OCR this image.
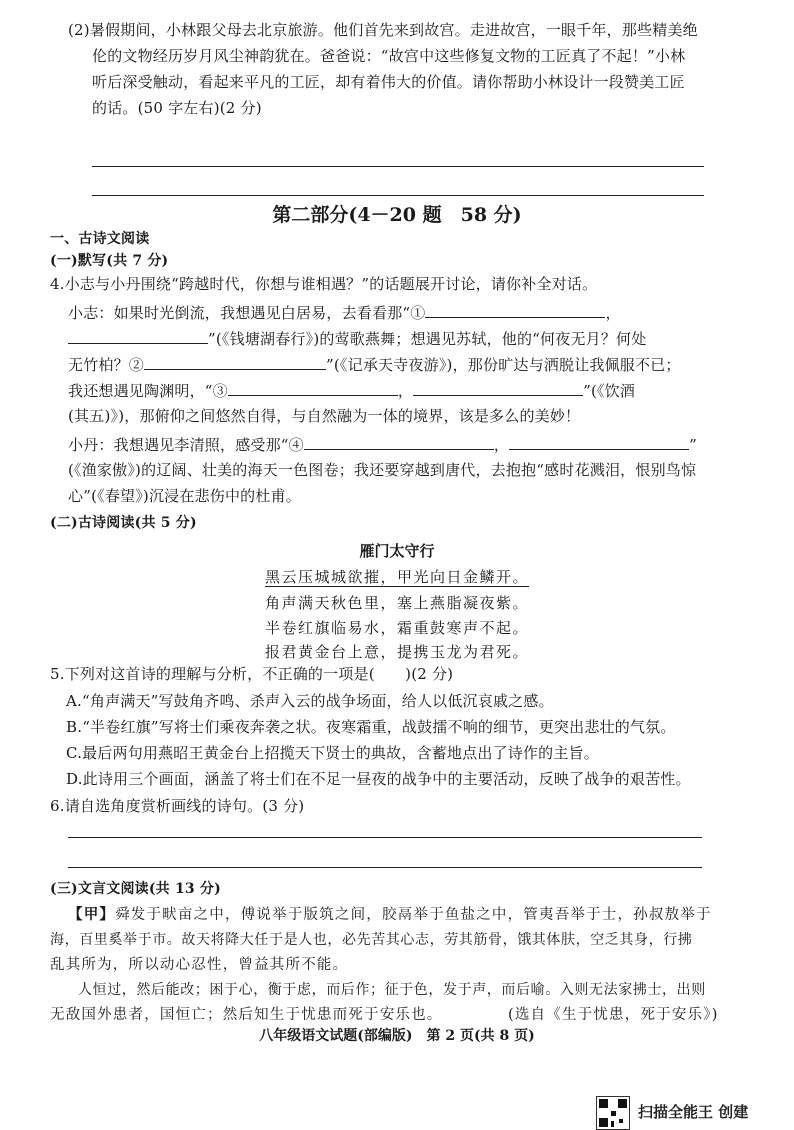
(2)暑假期间，小林跟父母去北京旅游。他们首先来到故宫。走进故宫，一眼千年，那些精美绝
伦的文物经历岁月风尘神韵犹在。爸爸说：“故宫中这些修复文物的工匠真了不起！”小林
听后深受触动，看起来平凡的工匠，却有着伟大的价值。请你帮助小林设计一段赞美工匠
的话。(50 字左右)(2 分)
第二部分(4－20 题　58 分)
一、古诗文阅读
(一)默写(共 7 分)
4.小志与小丹围绕“跨越时代，你想与谁相遇？”的话题展开讨论，请你补全对话。
小志：如果时光倒流，我想遇见白居易，去看看那“①	，
”(《钱塘湖春行》)的莺歌燕舞；想遇见苏轼，他的“何夜无月？何处
无竹柏？②	”(《记承天寺夜游》)，那份旷达与洒脱让我佩服不已；
我还想遇见陶渊明，“③	，	”(《饮酒
(其五)》)，那俯仰之间悠然自得，与自然融为一体的境界，该是多么的美妙！
小丹：我想遇见李清照，感受那“④	，	”
(《渔家傲》)的辽阔、壮美的海天一色图卷；我还要穿越到唐代，去抱抱“感时花溅泪，恨别鸟惊
心”(《春望》)沉浸在悲伤中的杜甫。
(二)古诗阅读(共 5 分)
雁门太守行
黑云压城城欲摧，甲光向日金鳞开。
角声满天秋色里，塞上燕脂凝夜紫。
半卷红旗临易水，霜重鼓寒声不起。
报君黄金台上意，提携玉龙为君死。
5.下列对这首诗的理解与分析，不正确的一项是(　　)(2 分)
A.“角声满天”写鼓角齐鸣、杀声入云的战争场面，给人以低沉哀戚之感。
B.“半卷红旗”写将士们乘夜奔袭之状。夜寒霜重，战鼓擂不响的细节，更突出悲壮的气氛。
C.最后两句用燕昭王黄金台上招揽天下贤士的典故，含蓄地点出了诗作的主旨。
D.此诗用三个画面，涵盖了将士们在不足一昼夜的战争中的主要活动，反映了战争的艰苦性。
6.请自选角度赏析画线的诗句。(3 分)
(三)文言文阅读(共 13 分)
【甲】舜发于畎亩之中，傅说举于版筑之间，胶鬲举于鱼盐之中，管夷吾举于士，孙叔敖举于
海，百里奚举于市。故天将降大任于是人也，必先苦其心志，劳其筋骨，饿其体肤，空乏其身，行拂
乱其所为，所以动心忍性，曾益其所不能。
人恒过，然后能改；困于心，衡于虑，而后作；征于色，发于声，而后喻。入则无法家拂士，出则
无敌国外患者，国恒亡；然后知生于忧患而死于安乐也。	(选自《生于忧患，死于安乐》)
八年级语文试题(部编版)　第 2 页(共 8 页)
扫描全能王 创建
